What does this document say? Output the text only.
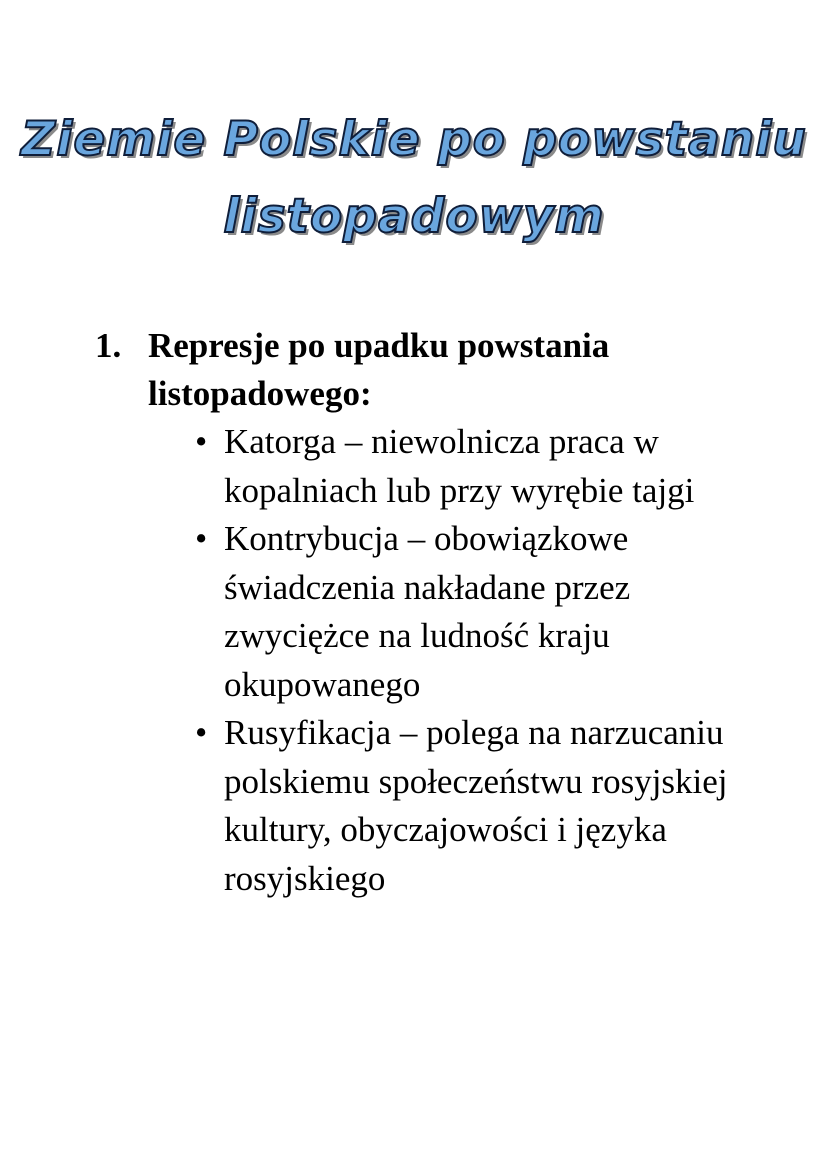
Ziemie Polskie po powstaniu
listopadowym
1. Represje po upadku powstania listopadowego:
• Katorga – niewolnicza praca w kopalniach lub przy wyrębie tajgi
• Kontrybucja – obowiązkowe świadczenia nakładane przez zwyciężce na ludność kraju okupowanego
• Rusyfikacja – polega na narzucaniu polskiemu społeczeństwu rosyjskiej kultury, obyczajowości i języka rosyjskiego
